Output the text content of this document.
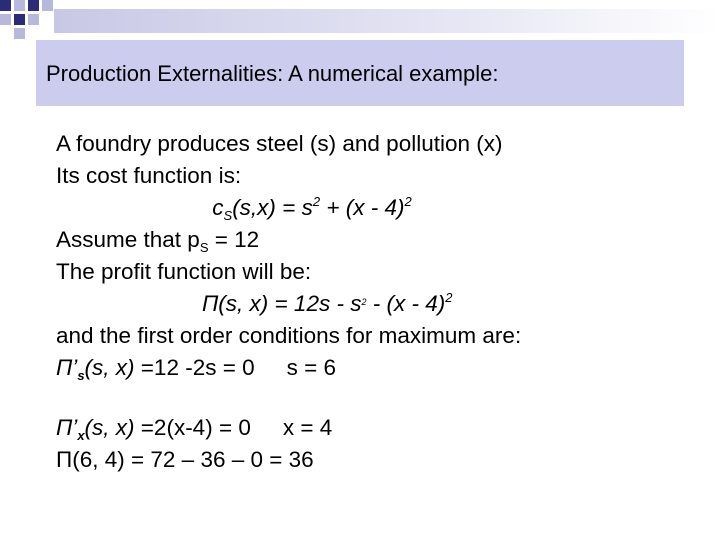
Production Externalities: A numerical example:
A foundry produces steel (s) and pollution (x)
Its cost function is:
$c_S(s,x) = s^2 + (x - 4)^2$
Assume that $p_S = 12$
The profit function will be:
Π(s, $x) = 12s - s^2 - (x - 4)^2$
and the first order conditions for maximum are:
$\Pi’_s(s$, x) =12 -2s = 0 s = 6
$\Pi’_x(s$, x) =2(x-4) = 0 x = 4
Π(6, 4) = 72 – 36 – 0 = 36
